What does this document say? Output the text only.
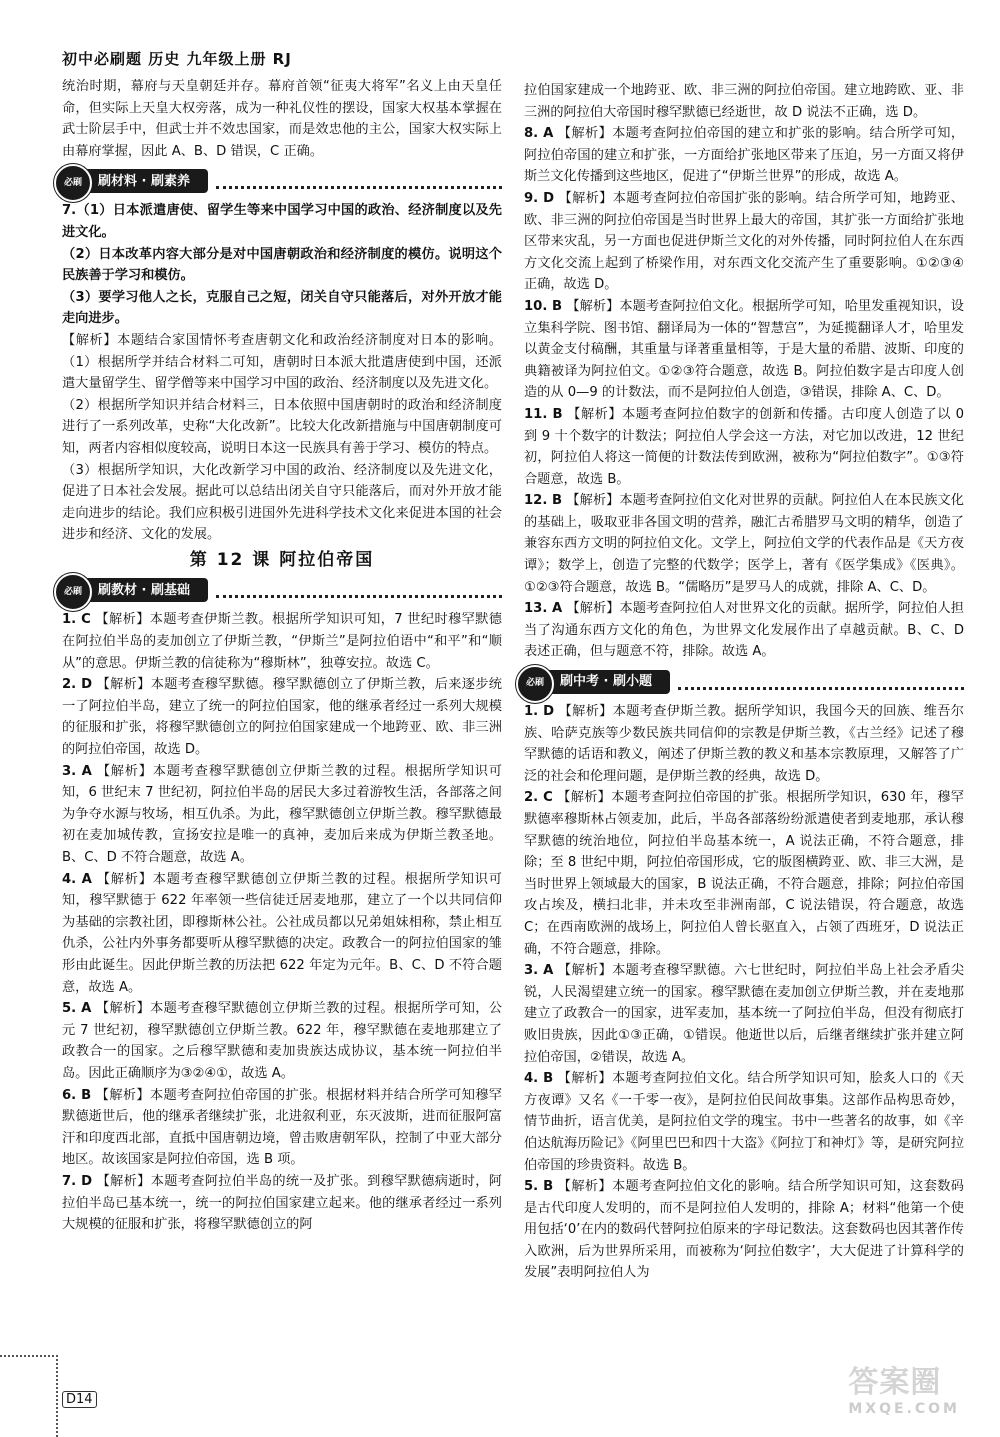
初中必刷题 历史 九年级上册 RJ

统治时期，幕府与天皇朝廷并存。幕府首领“征夷大将军”名义上由天皇任命，但实际上天皇大权旁落，成为一种礼仪性的摆设，国家大权基本掌握在武士阶层手中，但武士并不效忠国家，而是效忠他的主公，国家大权实际上由幕府掌握，因此 A、B、D 错误，C 正确。

必刷	刷材料 · 刷素养

7.（1）日本派遣唐使、留学生等来中国学习中国的政治、经济制度以及先进文化。

（2）日本改革内容大部分是对中国唐朝政治和经济制度的模仿。说明这个民族善于学习和模仿。

（3）要学习他人之长，克服自己之短，闭关自守只能落后，对外开放才能走向进步。

【解析】本题结合家国情怀考查唐朝文化和政治经济制度对日本的影响。（1）根据所学并结合材料二可知，唐朝时日本派大批遣唐使到中国，还派遣大量留学生、留学僧等来中国学习中国的政治、经济制度以及先进文化。

（2）根据所学知识并结合材料三，日本依照中国唐朝时的政治和经济制度进行了一系列改革，史称“大化改新”。比较大化改新措施与中国唐朝制度可知，两者内容相似度较高，说明日本这一民族具有善于学习、模仿的特点。

（3）根据所学知识，大化改新学习中国的政治、经济制度以及先进文化，促进了日本社会发展。据此可以总结出闭关自守只能落后，而对外开放才能走向进步的结论。我们应积极引进国外先进科学技术文化来促进本国的社会进步和经济、文化的发展。

第 12 课 阿拉伯帝国
必刷	刷教材 · 刷基础

1. C 【解析】本题考查伊斯兰教。根据所学知识可知，7 世纪时穆罕默德在阿拉伯半岛的麦加创立了伊斯兰教，“伊斯兰”是阿拉伯语中“和平”和“顺从”的意思。伊斯兰教的信徒称为“穆斯林”，独尊安拉。故选 C。

2. D 【解析】本题考查穆罕默德。穆罕默德创立了伊斯兰教，后来逐步统一了阿拉伯半岛，建立了统一的阿拉伯国家，他的继承者经过一系列大规模的征服和扩张，将穆罕默德创立的阿拉伯国家建成一个地跨亚、欧、非三洲的阿拉伯帝国，故选 D。

3. A 【解析】本题考查穆罕默德创立伊斯兰教的过程。根据所学知识可知，6 世纪末 7 世纪初，阿拉伯半岛的居民大多过着游牧生活，各部落之间为争夺水源与牧场，相互仇杀。为此，穆罕默德创立伊斯兰教。穆罕默德最初在麦加城传教，宣扬安拉是唯一的真神，麦加后来成为伊斯兰教圣地。B、C、D 不符合题意，故选 A。

4. A 【解析】本题考查穆罕默德创立伊斯兰教的过程。根据所学知识可知，穆罕默德于 622 年率领一些信徒迁居麦地那，建立了一个以共同信仰为基础的宗教社团，即穆斯林公社。公社成员都以兄弟姐妹相称，禁止相互仇杀，公社内外事务都要听从穆罕默德的决定。政教合一的阿拉伯国家的雏形由此诞生。因此伊斯兰教的历法把 622 年定为元年。B、C、D 不符合题意，故选 A。

5. A 【解析】本题考查穆罕默德创立伊斯兰教的过程。根据所学可知，公元 7 世纪初，穆罕默德创立伊斯兰教。622 年，穆罕默德在麦地那建立了政教合一的国家。之后穆罕默德和麦加贵族达成协议，基本统一阿拉伯半岛。因此正确顺序为③②④①，故选 A。

6. B 【解析】本题考查阿拉伯帝国的扩张。根据材料并结合所学可知穆罕默德逝世后，他的继承者继续扩张，北进叙利亚，东灭波斯，进而征服阿富汗和印度西北部，直抵中国唐朝边境，曾击败唐朝军队，控制了中亚大部分地区。故该国家是阿拉伯帝国，选 B 项。

7. D 【解析】本题考查阿拉伯半岛的统一及扩张。到穆罕默德病逝时，阿拉伯半岛已基本统一，统一的阿拉伯国家建立起来。他的继承者经过一系列大规模的征服和扩张，将穆罕默德创立的阿

拉伯国家建成一个地跨亚、欧、非三洲的阿拉伯帝国。建立地跨欧、亚、非三洲的阿拉伯大帝国时穆罕默德已经逝世，故 D 说法不正确，选 D。

8. A 【解析】本题考查阿拉伯帝国的建立和扩张的影响。结合所学可知，阿拉伯帝国的建立和扩张，一方面给扩张地区带来了压迫，另一方面又将伊斯兰文化传播到这些地区，促进了“伊斯兰世界”的形成，故选 A。

9. D 【解析】本题考查阿拉伯帝国扩张的影响。结合所学可知，地跨亚、欧、非三洲的阿拉伯帝国是当时世界上最大的帝国，其扩张一方面给扩张地区带来灾乱，另一方面也促进伊斯兰文化的对外传播，同时阿拉伯人在东西方文化交流上起到了桥梁作用，对东西文化交流产生了重要影响。①②③④正确，故选 D。

10. B 【解析】本题考查阿拉伯文化。根据所学可知，哈里发重视知识，设立集科学院、图书馆、翻译局为一体的“智慧宫”，为延揽翻译人才，哈里发以黄金支付稿酬，其重量与译著重量相等，于是大量的希腊、波斯、印度的典籍被译为阿拉伯文。①②③符合题意，故选 B。阿拉伯数字是古印度人创造的从 0—9 的计数法，而不是阿拉伯人创造，③错误，排除 A、C、D。

11. B 【解析】本题考查阿拉伯数字的创新和传播。古印度人创造了以 0 到 9 十个数字的计数法；阿拉伯人学会这一方法，对它加以改进，12 世纪初，阿拉伯人将这一简便的计数法传到欧洲，被称为“阿拉伯数字”。①③符合题意，故选 B。

12. B 【解析】本题考查阿拉伯文化对世界的贡献。阿拉伯人在本民族文化的基础上，吸取亚非各国文明的营养，融汇古希腊罗马文明的精华，创造了兼容东西方文明的阿拉伯文化。文学上，阿拉伯文学的代表作品是《天方夜谭》；数学上，创造了完整的代数学；医学上，著有《医学集成》《医典》。①②③符合题意，故选 B。“儒略历”是罗马人的成就，排除 A、C、D。

13. A 【解析】本题考查阿拉伯人对世界文化的贡献。据所学，阿拉伯人担当了沟通东西方文化的角色，为世界文化发展作出了卓越贡献。B、C、D 表述正确，但与题意不符，排除。故选 A。

必刷	刷中考 · 刷小题

1. D 【解析】本题考查伊斯兰教。据所学知识，我国今天的回族、维吾尔族、哈萨克族等少数民族共同信仰的宗教是伊斯兰教，《古兰经》记述了穆罕默德的话语和教义，阐述了伊斯兰教的教义和基本宗教原理，又解答了广泛的社会和伦理问题，是伊斯兰教的经典，故选 D。

2. C 【解析】本题考查阿拉伯帝国的扩张。根据所学知识，630 年，穆罕默德率穆斯林占领麦加，此后，半岛各部落纷纷派遣使者到麦地那，承认穆罕默德的统治地位，阿拉伯半岛基本统一，A 说法正确，不符合题意，排除；至 8 世纪中期，阿拉伯帝国形成，它的版图横跨亚、欧、非三大洲，是当时世界上领域最大的国家，B 说法正确，不符合题意，排除；阿拉伯帝国攻占埃及，横扫北非，并未攻至非洲南部，C 说法错误，符合题意，故选 C；在西南欧洲的战场上，阿拉伯人曾长驱直入，占领了西班牙，D 说法正确，不符合题意，排除。

3. A 【解析】本题考查穆罕默德。六七世纪时，阿拉伯半岛上社会矛盾尖锐，人民渴望建立统一的国家。穆罕默德在麦加创立伊斯兰教，并在麦地那建立了政教合一的国家，进军麦加，基本统一了阿拉伯半岛，但没有彻底打败旧贵族，因此①③正确，①错误。他逝世以后，后继者继续扩张并建立阿拉伯帝国，②错误，故选 A。

4. B 【解析】本题考查阿拉伯文化。结合所学知识可知，脍炙人口的《天方夜谭》又名《一千零一夜》，是阿拉伯民间故事集。这部作品构思奇妙，情节曲折，语言优美，是阿拉伯文学的瑰宝。书中一些著名的故事，如《辛伯达航海历险记》《阿里巴巴和四十大盗》《阿拉丁和神灯》等，是研究阿拉伯帝国的珍贵资料。故选 B。

5. B 【解析】本题考查阿拉伯文化的影响。结合所学知识可知，这套数码是古代印度人发明的，而不是阿拉伯人发明的，排除 A；材料“他第一个使用包括‘0’在内的数码代替阿拉伯原来的字母记数法。这套数码也因其著作传入欧洲，后为世界所采用，而被称为‘阿拉伯数字’，大大促进了计算科学的发展”表明阿拉伯人为

D14	答案圈
MXQE.COM
